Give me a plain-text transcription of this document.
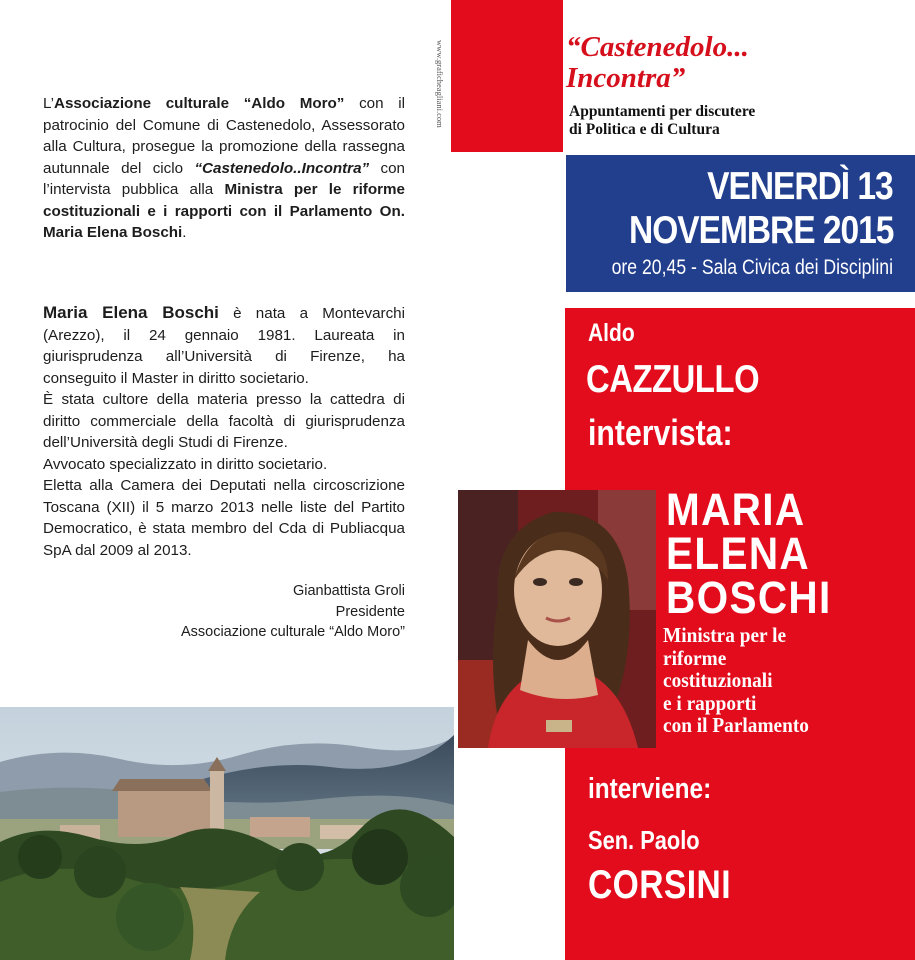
www.graficheagliani.com
L’Associazione culturale “Aldo Moro” con il patrocinio del Comune di Castenedolo, Assessorato alla Cultura, prosegue la promozione della rassegna autunnale del ciclo “Castenedolo..Incontra” con l’intervista pubblica alla Ministra per le riforme costituzionali e i rapporti con il Parlamento On. Maria Elena Boschi.
Maria Elena Boschi è nata a Montevarchi (Arezzo), il 24 gennaio 1981. Laureata in giurisprudenza all’Università di Firenze, ha conseguito il Master in diritto societario.
È stata cultore della materia presso la cattedra di diritto commerciale della facoltà di giurisprudenza dell’Università degli Studi di Firenze.
Avvocato specializzato in diritto societario.
Eletta alla Camera dei Deputati nella circoscrizione Toscana (XII) il 5 marzo 2013 nelle liste del Partito Democratico, è stata membro del Cda di Publiacqua SpA dal 2009 al 2013.
Gianbattista Groli
Presidente
Associazione culturale “Aldo Moro”
“Castenedolo...
Incontra”
Appuntamenti per discutere
di Politica e di Cultura
VENERDÌ 13
NOVEMBRE 2015
ore 20,45 - Sala Civica dei Disciplini
Aldo
CAZZULLO
intervista:
MARIA
ELENA
BOSCHI
Ministra per le
riforme
costituzionali
e i rapporti
con il Parlamento
interviene:
Sen. Paolo
CORSINI
